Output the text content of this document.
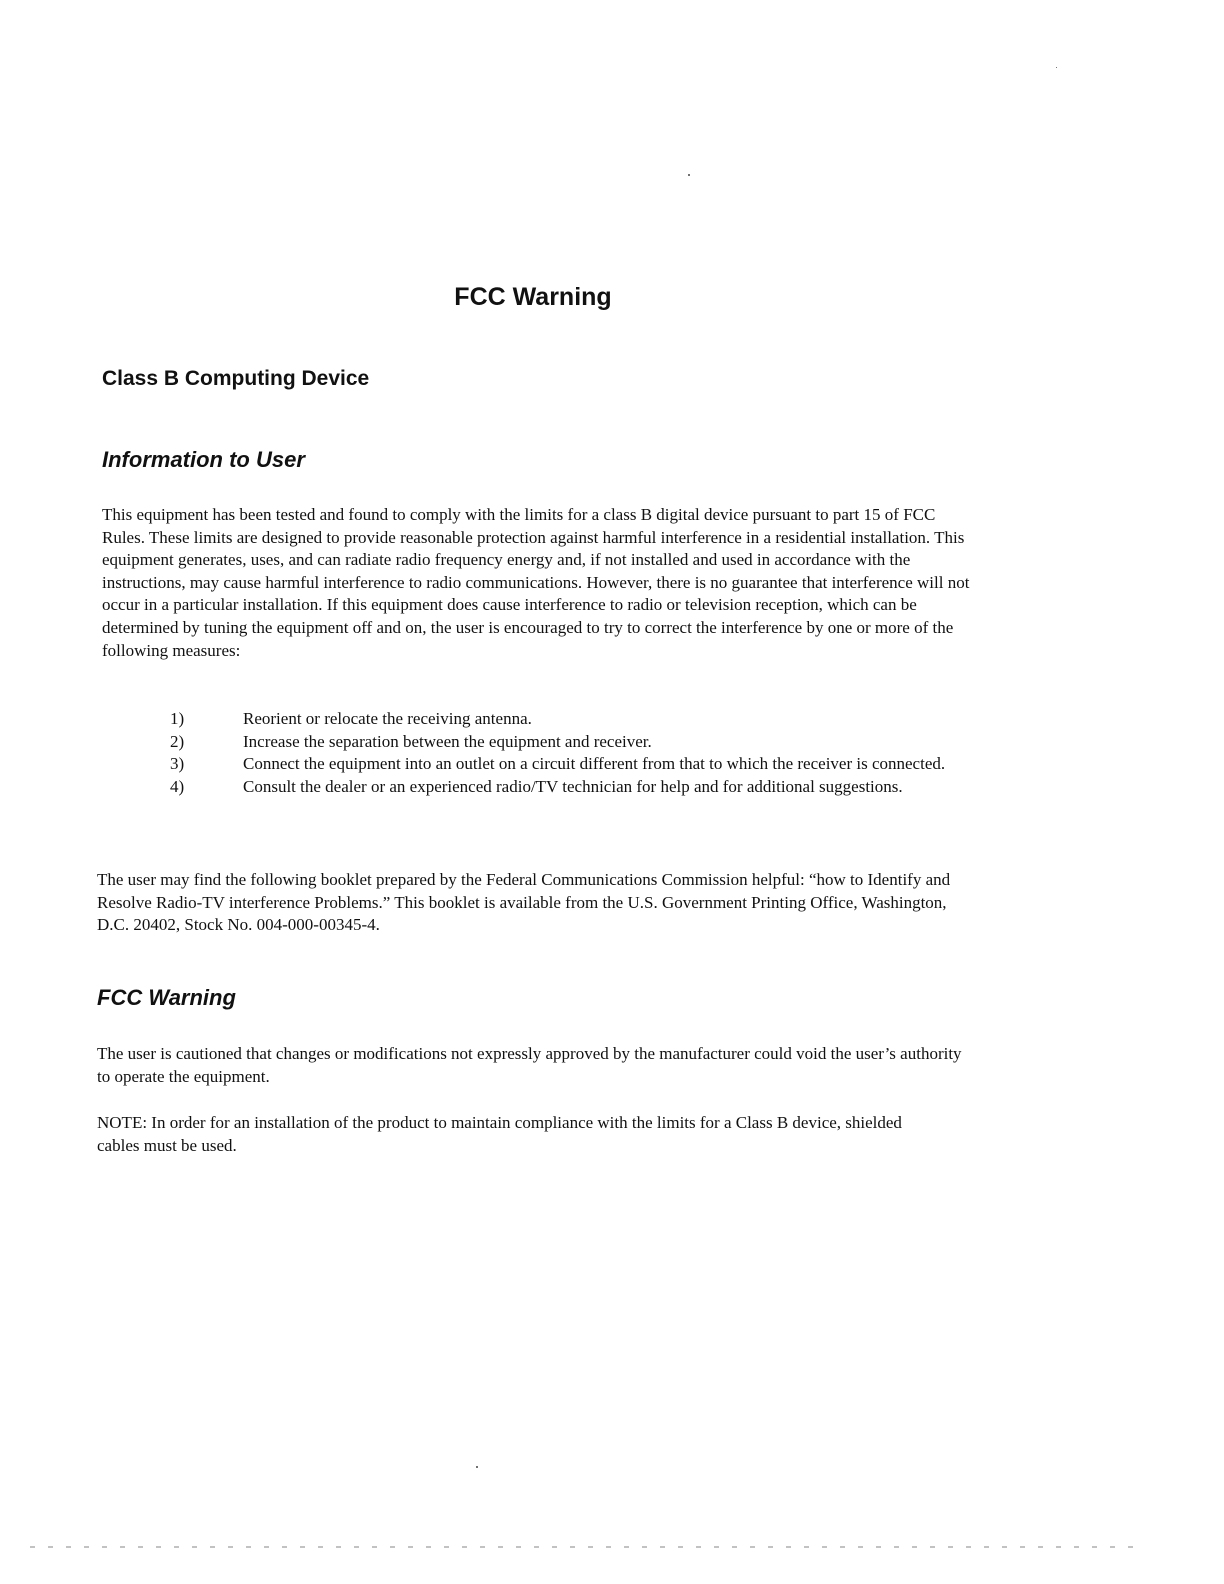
FCC Warning
Class B Computing Device
Information to User

This equipment has been tested and found to comply with the limits for a class B digital device pursuant to part 15 of FCC Rules. These limits are designed to provide reasonable protection against harmful interference in a residential installation. This equipment generates, uses, and can radiate radio frequency energy and, if not installed and used in accordance with the instructions, may cause harmful interference to radio communications. However, there is no guarantee that interference will not occur in a particular installation. If this equipment does cause interference to radio or television reception, which can be determined by tuning the equipment off and on, the user is encouraged to try to correct the interference by one or more of the following measures:

1)	Reorient or relocate the receiving antenna.
2)	Increase the separation between the equipment and receiver.
3)	Connect the equipment into an outlet on a circuit different from that to which the receiver is connected.
4)	Consult the dealer or an experienced radio/TV technician for help and for additional suggestions.

The user may find the following booklet prepared by the Federal Communications Commission helpful: “how to Identify and Resolve Radio-TV interference Problems.” This booklet is available from the U.S. Government Printing Office, Washington, D.C. 20402, Stock No. 004-000-00345-4.

FCC Warning

The user is cautioned that changes or modifications not expressly approved by the manufacturer could void the user’s authority to operate the equipment.

NOTE: In order for an installation of the product to maintain compliance with the limits for a Class B device, shielded cables must be used.
